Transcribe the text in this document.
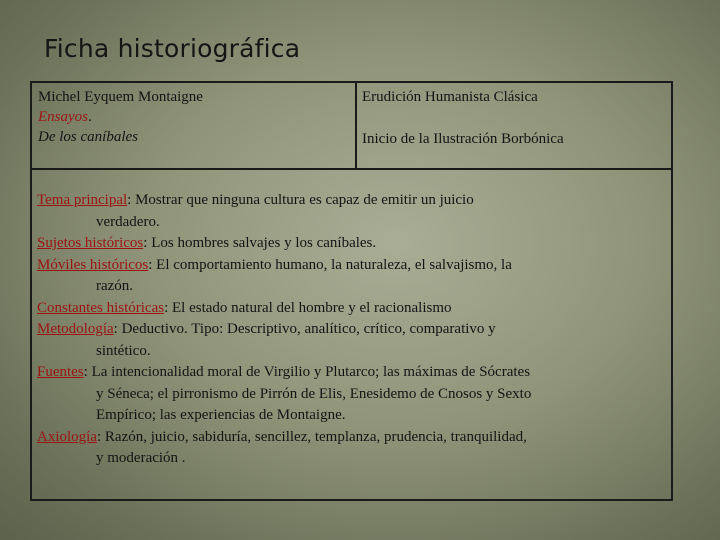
Ficha historiográfica
Michel Eyquem Montaigne
Ensayos.
De los caníbales
Erudición Humanista Clásica
Inicio de la Ilustración Borbónica
Tema principal: Mostrar que ninguna cultura es capaz de emitir un juicio
verdadero.
Sujetos históricos: Los hombres salvajes y los caníbales.
Móviles históricos: El comportamiento humano, la naturaleza, el salvajismo, la
razón.
Constantes históricas: El estado natural del hombre y el racionalismo
Metodología: Deductivo. Tipo: Descriptivo, analítico, crítico, comparativo y
sintético.
Fuentes: La intencionalidad moral de Virgilio y Plutarco; las máximas de Sócrates
y Séneca; el pirronismo de Pirrón de Elis, Enesidemo de Cnosos y Sexto
Empírico; las experiencias de Montaigne.
Axiología: Razón, juicio, sabiduría, sencillez, templanza, prudencia, tranquilidad,
y moderación .
